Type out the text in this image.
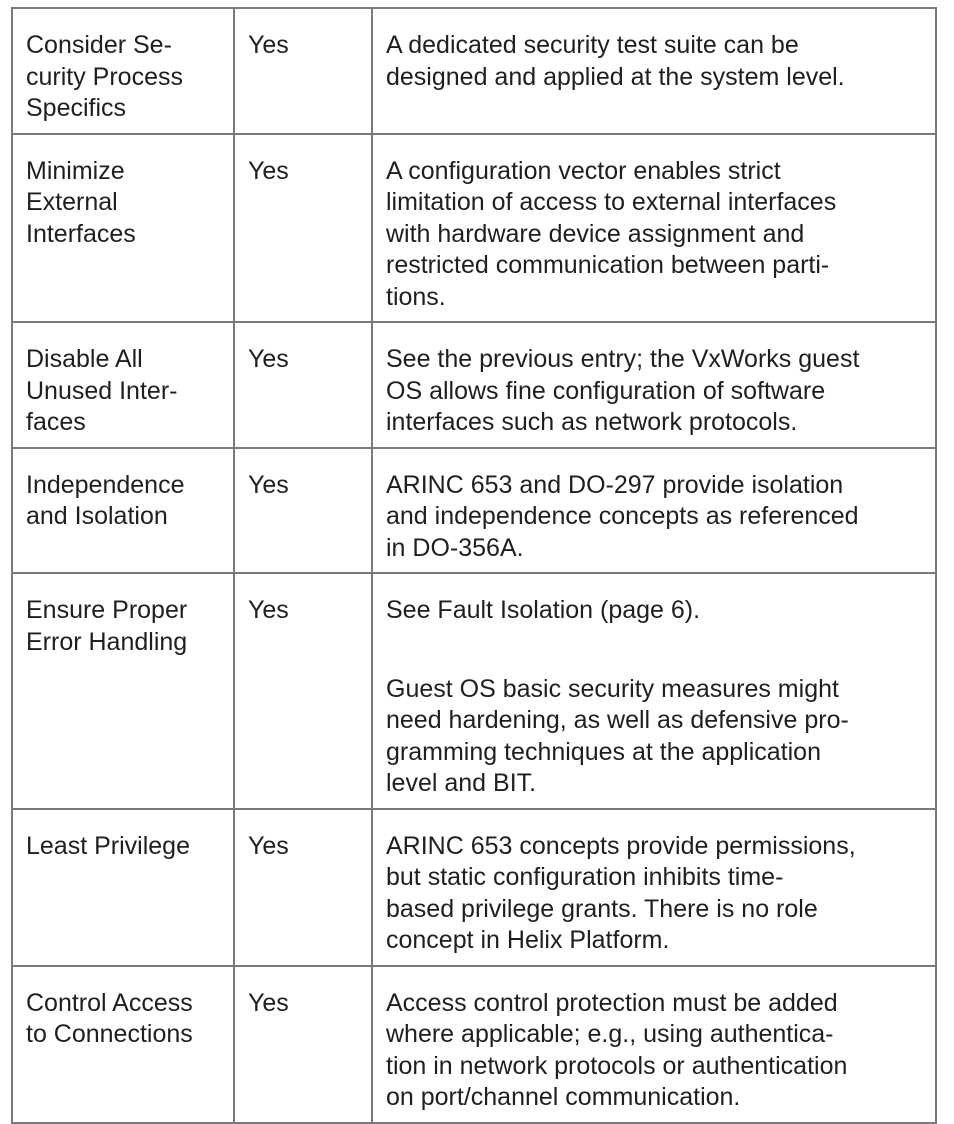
Consider Se-
curity Process
Specifics	Yes	A dedicated security test suite can be
designed and applied at the system level.

Minimize
External
Interfaces	Yes	A configuration vector enables strict
limitation of access to external interfaces
with hardware device assignment and
restricted communication between parti-
tions.

Disable All
Unused Inter-
faces	Yes	See the previous entry; the VxWorks guest
OS allows fine configuration of software
interfaces such as network protocols.

Independence
and Isolation	Yes	ARINC 653 and DO-297 provide isolation
and independence concepts as referenced
in DO-356A.

Ensure Proper
Error Handling	Yes	See Fault Isolation (page 6).
Guest OS basic security measures might
need hardening, as well as defensive pro-
gramming techniques at the application
level and BIT.

Least Privilege	Yes	ARINC 653 concepts provide permissions,
but static configuration inhibits time-
based privilege grants. There is no role
concept in Helix Platform.

Control Access
to Connections	Yes	Access control protection must be added
where applicable; e.g., using authentica-
tion in network protocols or authentication
on port/channel communication.
